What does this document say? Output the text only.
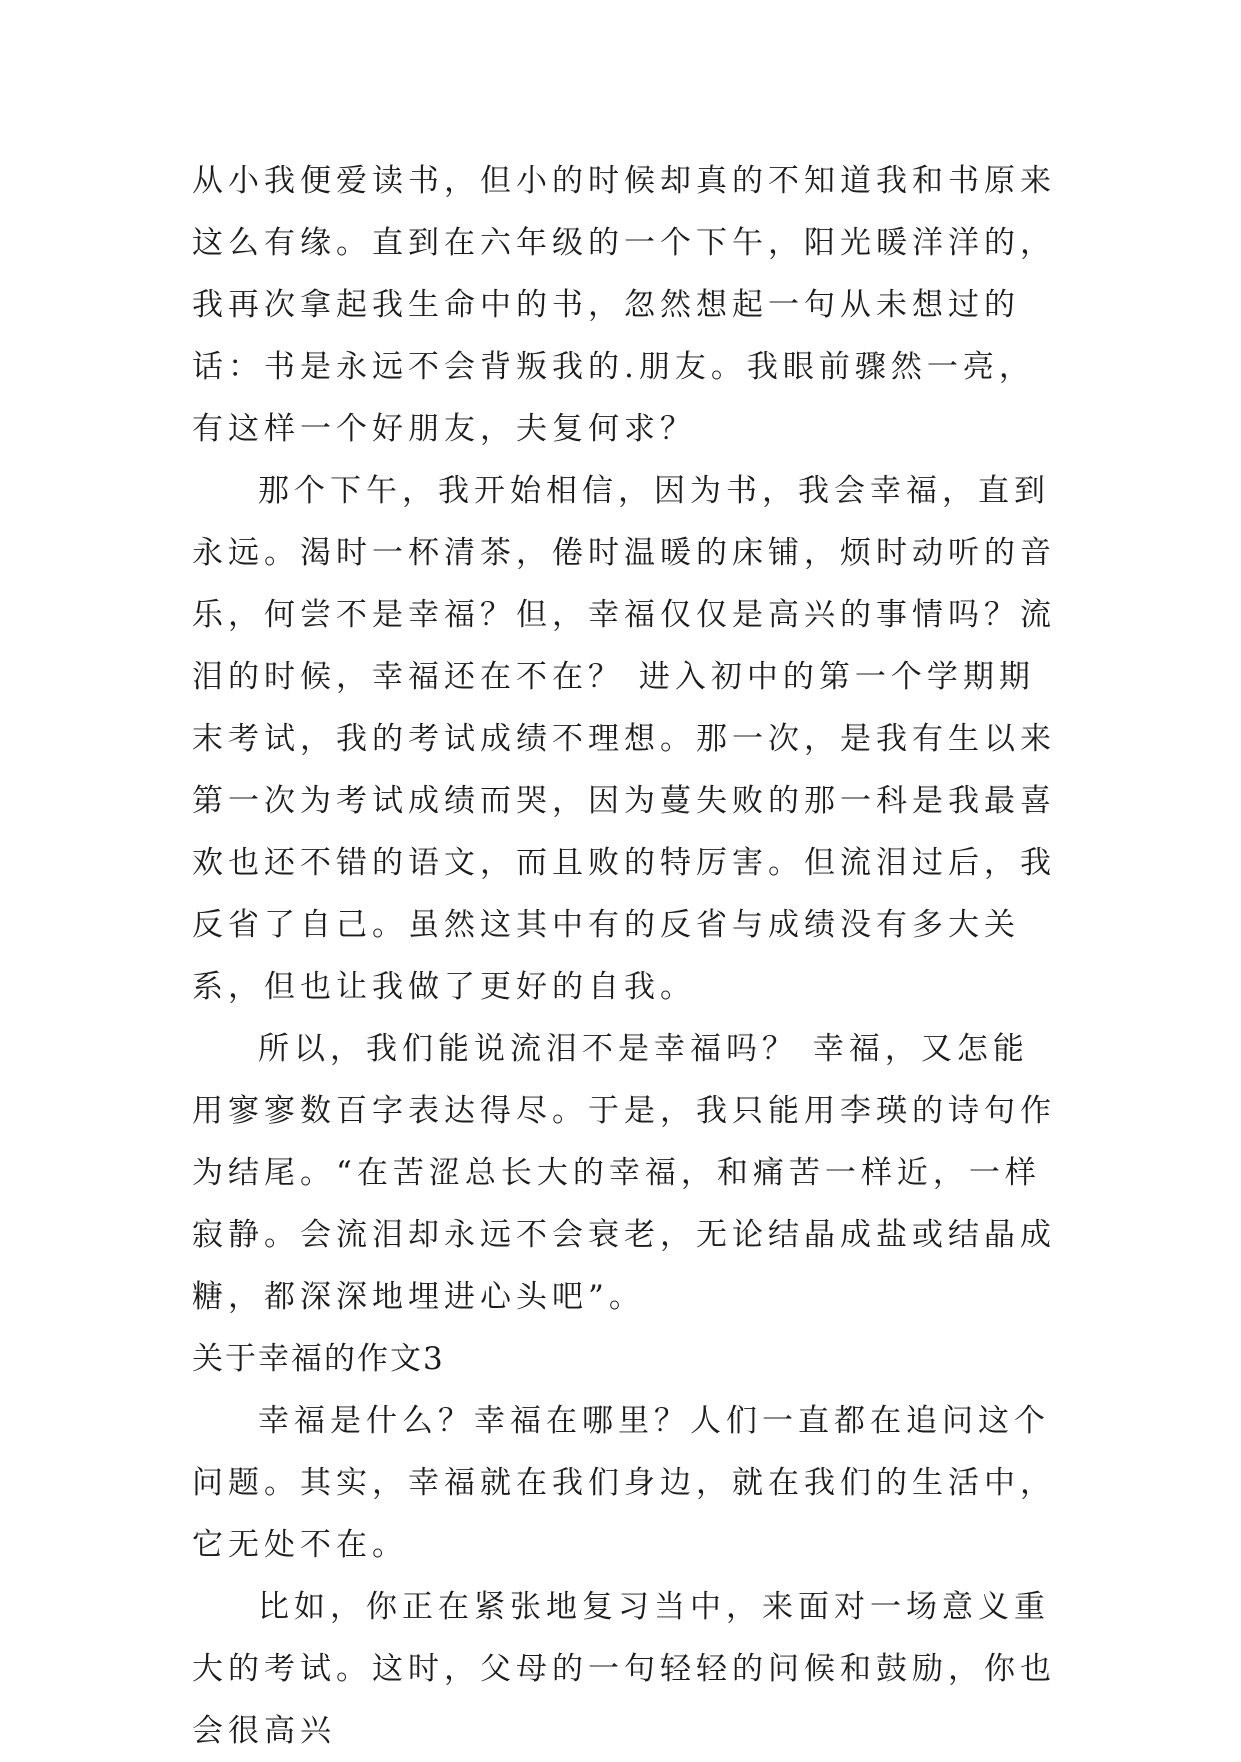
从小我便爱读书，但小的时候却真的不知道我和书原来这么有缘。直到在六年级的一个下午，阳光暖洋洋的，我再次拿起我生命中的书，忽然想起一句从未想过的话：书是永远不会背叛我的.朋友。我眼前骤然一亮，有这样一个好朋友，夫复何求？

那个下午，我开始相信，因为书，我会幸福，直到永远。渴时一杯清茶，倦时温暖的床铺，烦时动听的音乐，何尝不是幸福？但，幸福仅仅是高兴的事情吗？流泪的时候，幸福还在不在？ 进入初中的第一个学期期末考试，我的考试成绩不理想。那一次，是我有生以来第一次为考试成绩而哭，因为蔓失败的那一科是我最喜欢也还不错的语文，而且败的特厉害。但流泪过后，我反省了自己。虽然这其中有的反省与成绩没有多大关系，但也让我做了更好的自我。

所以，我们能说流泪不是幸福吗？ 幸福，又怎能用寥寥数百字表达得尽。于是，我只能用李瑛的诗句作为结尾。“在苦涩总长大的幸福，和痛苦一样近，一样寂静。会流泪却永远不会衰老，无论结晶成盐或结晶成糖，都深深地埋进心头吧”。

关于幸福的作文3

幸福是什么？幸福在哪里？人们一直都在追问这个问题。其实，幸福就在我们身边，就在我们的生活中，它无处不在。

比如，你正在紧张地复习当中，来面对一场意义重大的考试。这时，父母的一句轻轻的问候和鼓励，你也会很高兴
